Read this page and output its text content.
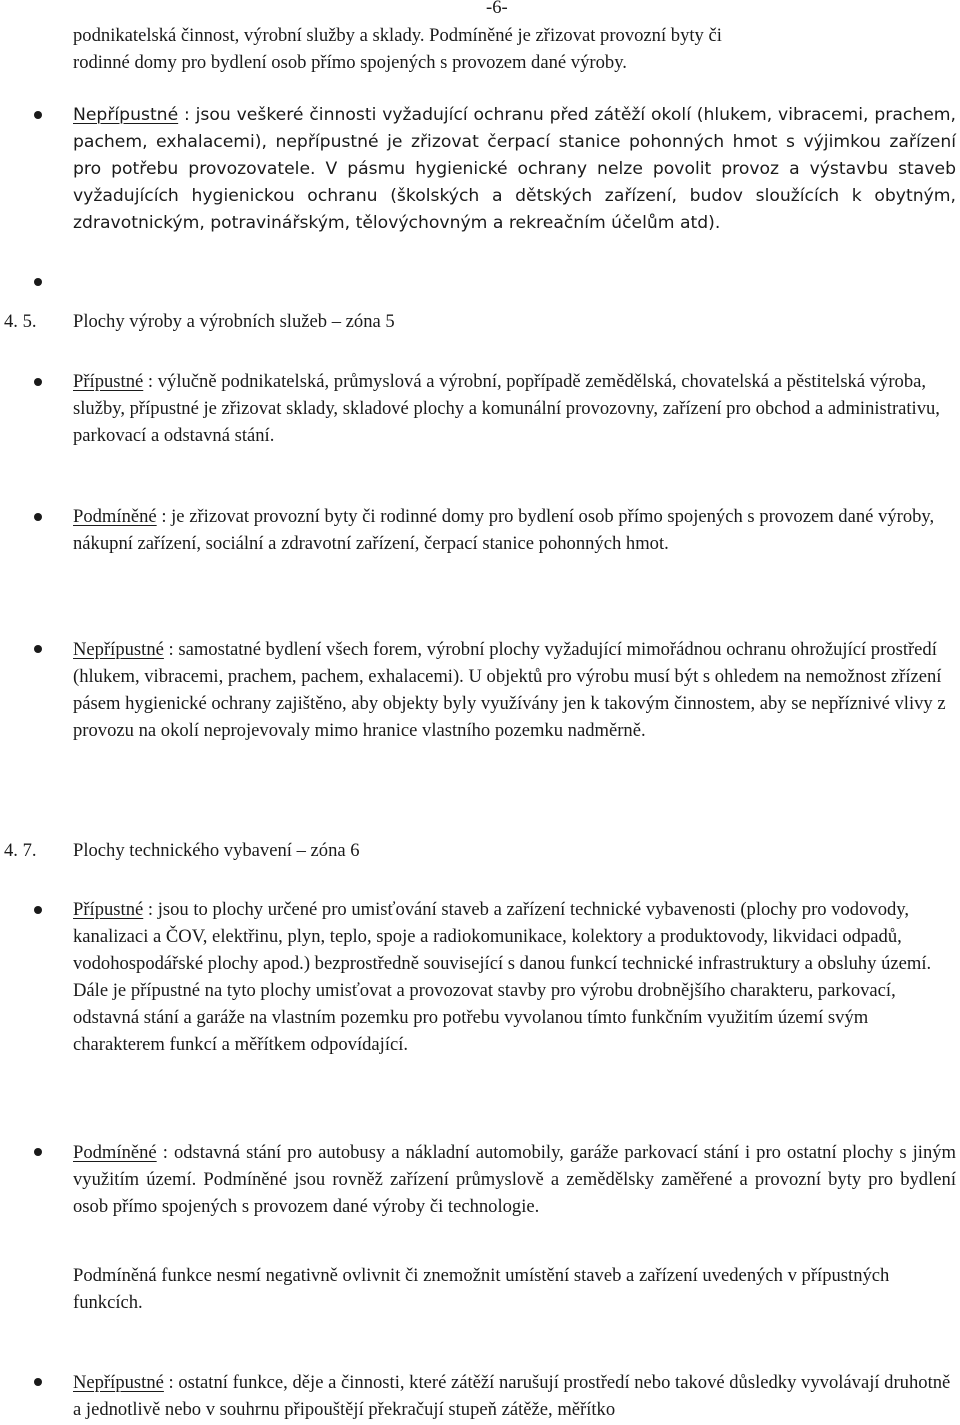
-6-
podnikatelská činnost, výrobní služby a sklady. Podmíněné je zřizovat provozní byty či
rodinné domy pro bydlení osob přímo spojených s provozem dané výroby.
Nepřípustné : jsou veškeré činnosti vyžadující ochranu před zátěží okolí (hlukem, vibracemi, prachem, pachem, exhalacemi), nepřípustné je zřizovat čerpací stanice pohonných hmot s výjimkou zařízení pro potřebu provozovatele. V pásmu hygienické ochrany nelze povolit provoz a výstavbu staveb vyžadujících hygienickou ochranu (školských a dětských zařízení, budov sloužících k obytným, zdravotnickým, potravinářským, tělovýchovným a rekreačním účelům atd).
4. 5. Plochy výroby a výrobních služeb – zóna 5
Přípustné : výlučně podnikatelská, průmyslová a výrobní, popřípadě zemědělská, chovatelská a pěstitelská výroba, služby, přípustné je zřizovat sklady, skladové plochy a komunální provozovny, zařízení pro obchod a administrativu, parkovací a odstavná stání.
Podmíněné : je zřizovat provozní byty či rodinné domy pro bydlení osob přímo spojených s provozem dané výroby, nákupní zařízení, sociální a zdravotní zařízení, čerpací stanice pohonných hmot.
Nepřípustné : samostatné bydlení všech forem, výrobní plochy vyžadující mimořádnou ochranu ohrožující prostředí (hlukem, vibracemi, prachem, pachem, exhalacemi). U objektů pro výrobu musí být s ohledem na nemožnost zřízení pásem hygienické ochrany zajištěno, aby objekty byly využívány jen k takovým činnostem, aby se nepříznivé vlivy z provozu na okolí neprojevovaly mimo hranice vlastního pozemku nadměrně.
4. 7. Plochy technického vybavení – zóna 6
Přípustné : jsou to plochy určené pro umisťování staveb a zařízení technické vybavenosti (plochy pro vodovody, kanalizaci a ČOV, elektřinu, plyn, teplo, spoje a radiokomunikace, kolektory a produktovody, likvidaci odpadů, vodohospodářské plochy apod.) bezprostředně související s danou funkcí technické infrastruktury a obsluhy území. Dále je přípustné na tyto plochy umisťovat a provozovat stavby pro výrobu drobnějšího charakteru, parkovací, odstavná stání a garáže na vlastním pozemku pro potřebu vyvolanou tímto funkčním využitím území svým charakterem funkcí a měřítkem odpovídající.
Podmíněné : odstavná stání pro autobusy a nákladní automobily, garáže parkovací stání i pro ostatní plochy s jiným využitím území. Podmíněné jsou rovněž zařízení průmyslově a zemědělsky zaměřené a provozní byty pro bydlení osob přímo spojených s provozem dané výroby či technologie.
Podmíněná funkce nesmí negativně ovlivnit či znemožnit umístění staveb a zařízení uvedených v přípustných funkcích.
Nepřípustné : ostatní funkce, děje a činnosti, které zátěží narušují prostředí nebo takové důsledky vyvolávají druhotně a jednotlivě nebo v souhrnu připouštějí překračují stupeň zátěže, měřítko
